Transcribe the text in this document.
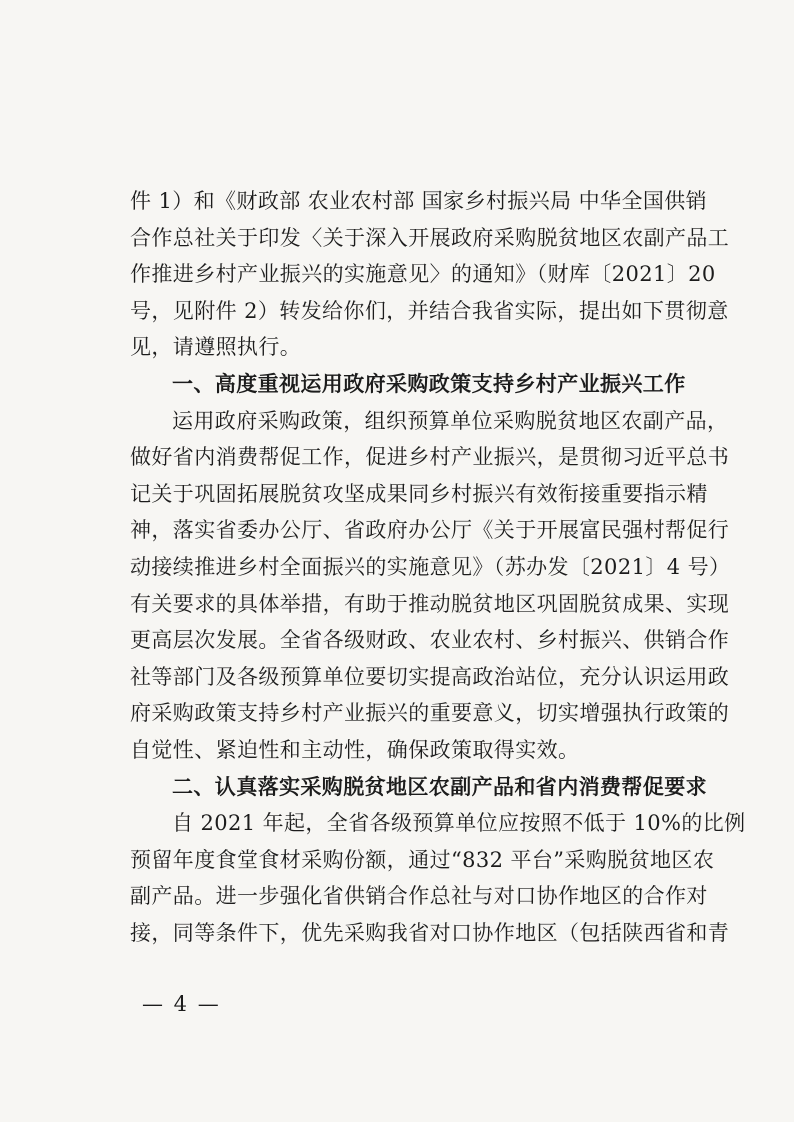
件 1）和《财政部 农业农村部 国家乡村振兴局 中华全国供销
合作总社关于印发〈关于深入开展政府采购脱贫地区农副产品工
作推进乡村产业振兴的实施意见〉的通知》（财库〔2021〕20
号，见附件 2）转发给你们，并结合我省实际，提出如下贯彻意
见，请遵照执行。
一、高度重视运用政府采购政策支持乡村产业振兴工作
运用政府采购政策，组织预算单位采购脱贫地区农副产品，
做好省内消费帮促工作，促进乡村产业振兴，是贯彻习近平总书
记关于巩固拓展脱贫攻坚成果同乡村振兴有效衔接重要指示精
神，落实省委办公厅、省政府办公厅《关于开展富民强村帮促行
动接续推进乡村全面振兴的实施意见》（苏办发〔2021〕4 号）
有关要求的具体举措，有助于推动脱贫地区巩固脱贫成果、实现
更高层次发展。全省各级财政、农业农村、乡村振兴、供销合作
社等部门及各级预算单位要切实提高政治站位，充分认识运用政
府采购政策支持乡村产业振兴的重要意义，切实增强执行政策的
自觉性、紧迫性和主动性，确保政策取得实效。
二、认真落实采购脱贫地区农副产品和省内消费帮促要求
自 2021 年起，全省各级预算单位应按照不低于 10%的比例
预留年度食堂食材采购份额，通过“832 平台”采购脱贫地区农
副产品。进一步强化省供销合作总社与对口协作地区的合作对
接，同等条件下，优先采购我省对口协作地区（包括陕西省和青
— 4 —
